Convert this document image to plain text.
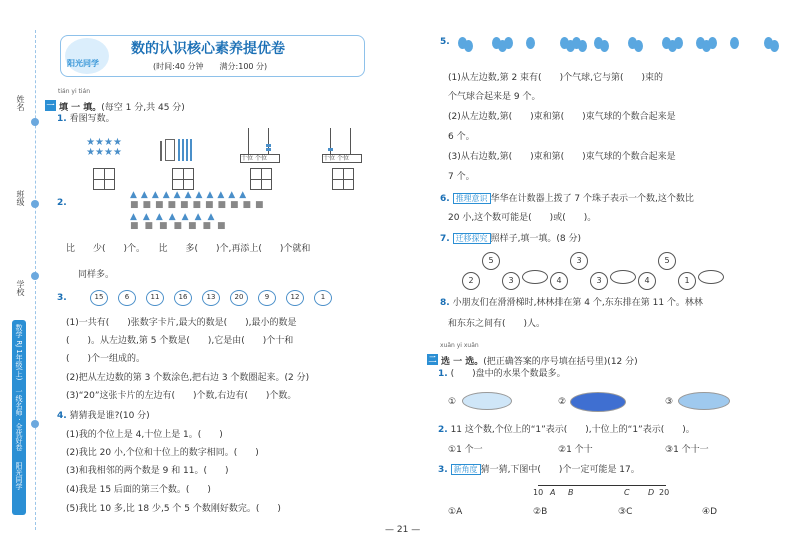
姓名
班级
学校
数学 RJ 1年级(上)
一线名师 · 全优好卷
阳光同学
阳光同学
数的认识核心素养提优卷
(时间:40 分钟　　满分:100 分)
tián yi tián
一 填 一 填。(每空 1 分,共 45 分)
1. 看图写数。
★★★★
★★★★
十位 个位	十位 个位
2.
▲▲▲▲▲▲▲▲▲▲▲
■■■■■■■■■■■
▲▲▲▲▲▲▲
■■■■■■■
比　　少(　　)个。　　比　　多(　　)个,再添上(　　)个就和
同样多。
3.	15	6	11	16	13	20	9	12	1
(1)一共有(　　)张数字卡片,最大的数是(　　),最小的数是
(　　)。从左边数,第 5 个数是(　　),它是由(　　)个十和
(　　)个一组成的。
(2)把从左边数的第 3 个数涂色,把右边 3 个数圈起来。(2 分)
(3)“20”这张卡片的左边有(　　)个数,右边有(　　)个数。
4. 猜猜我是谁?(10 分)
(1)我的个位上是 4,十位上是 1。(　　)
(2)我比 20 小,个位和十位上的数字相同。(　　)
(3)和我相邻的两个数是 9 和 11。(　　)
(4)我是 15 后面的第三个数。(　　)
(5)我比 10 多,比 18 少,5 个 5 个数刚好数完。(　　)
5.
(1)从左边数,第 2 束有(　　)个气球,它与第(　　)束的
个气球合起来是 9 个。
(2)从左边数,第(　　)束和第(　　)束气球的个数合起来是
6 个。
(3)从右边数,第(　　)束和第(　　)束气球的个数合起来是
7 个。
6. 推理意识 华华在计数器上拨了 7 个珠子表示一个数,这个数比
20 小,这个数可能是(　　)或(　　)。
7. 迁移探究 照样子,填一填。(8 分)
5
2	3
3
4	3
5
4	1
8. 小朋友们在滑滑梯时,林林排在第 4 个,东东排在第 11 个。林林
和东东之间有(　　)人。
xuǎn yi xuǎn
二 选 一 选。(把正确答案的序号填在括号里)(12 分)
1. (　　)盘中的水果个数最多。
①	②	③
2. 11 这个数,个位上的“1”表示(　　),十位上的“1”表示(　　)。
①1 个一	②1 个十	③1 个十一
3. 新角度 猜一猜,下图中(　　)个一定可能是 17。
10 A B	C D 20
①A	②B	③C	④D
— 21 —
